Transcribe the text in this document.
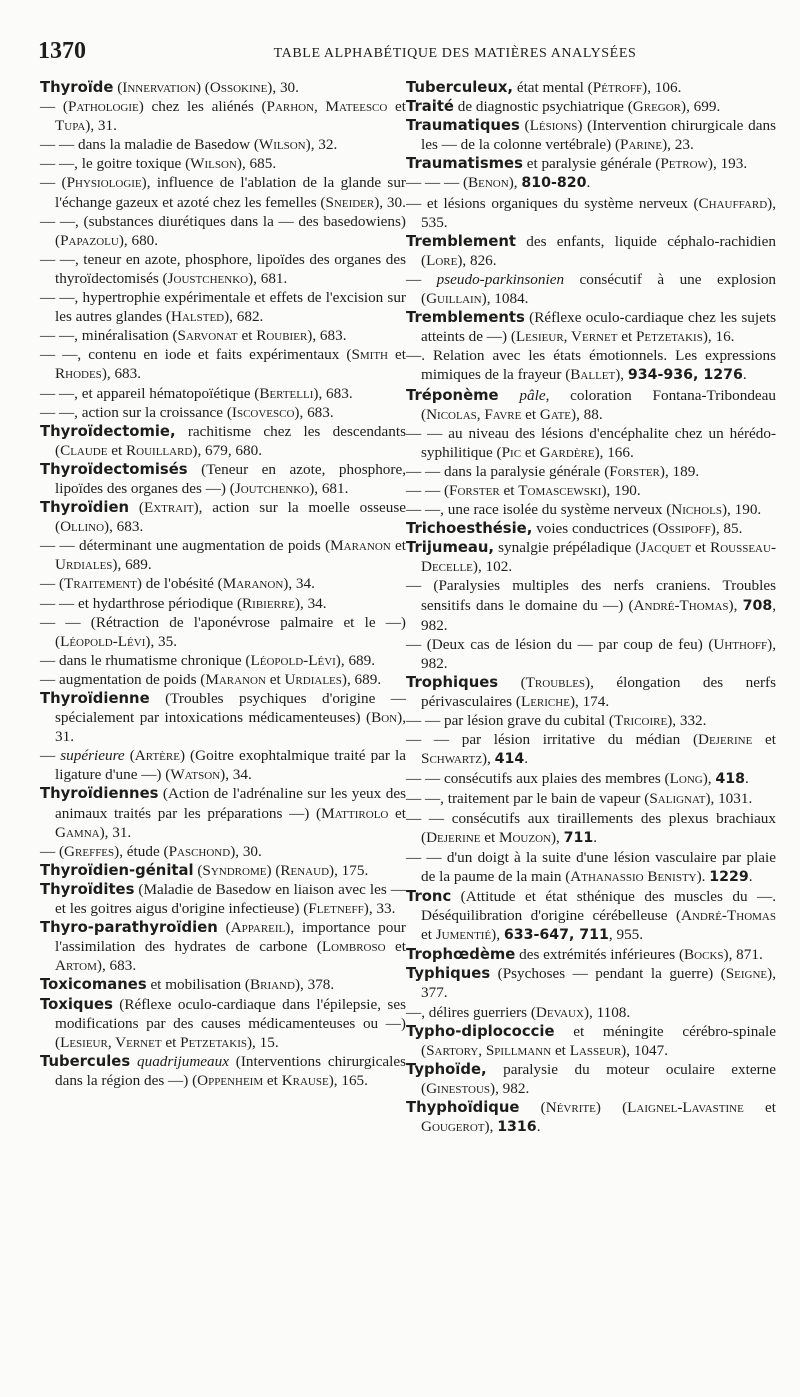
1370	TABLE ALPHABÉTIQUE DES MATIÈRES ANALYSÉES

Thyroïde (Innervation) (Ossokine), 30.

— (Pathologie) chez les aliénés (Parhon, Mateesco et Tupa), 31.

— — dans la maladie de Basedow (Wilson), 32.

— —, le goitre toxique (Wilson), 685.

— (Physiologie), influence de l'ablation de la glande sur l'échange gazeux et azoté chez les femelles (Sneider), 30.

— —, (substances diurétiques dans la — des basedowiens) (Papazolu), 680.

— —, teneur en azote, phosphore, lipoïdes des organes des thyroïdectomisés (Joustchenko), 681.

— —, hypertrophie expérimentale et effets de l'excision sur les autres glandes (Halsted), 682.

— —, minéralisation (Sarvonat et Roubier), 683.

— —, contenu en iode et faits expérimentaux (Smith et Rhodes), 683.

— —, et appareil hématopoïétique (Bertelli), 683.

— —, action sur la croissance (Iscovesco), 683.

Thyroïdectomie, rachitisme chez les descendants (Claude et Rouillard), 679, 680.

Thyroïdectomisés (Teneur en azote, phosphore, lipoïdes des organes des —) (Joutchenko), 681.

Thyroïdien (Extrait), action sur la moelle osseuse (Ollino), 683.

— — déterminant une augmentation de poids (Maranon et Urdiales), 689.

— (Traitement) de l'obésité (Maranon), 34.

— — et hydarthrose périodique (Ribierre), 34.

— — (Rétraction de l'aponévrose palmaire et le —) (Léopold-Lévi), 35.

— dans le rhumatisme chronique (Léopold-Lévi), 689.

— augmentation de poids (Maranon et Urdiales), 689.

Thyroïdienne (Troubles psychiques d'origine — spécialement par intoxications médicamenteuses) (Bon), 31.

— supérieure (Artère) (Goitre exophtalmique traité par la ligature d'une —) (Watson), 34.

Thyroïdiennes (Action de l'adrénaline sur les yeux des animaux traités par les préparations —) (Mattirolo et Gamna), 31.

— (Greffes), étude (Paschond), 30.

Thyroïdien-génital (Syndrome) (Renaud), 175.

Thyroïdites (Maladie de Basedow en liaison avec les — et les goitres aigus d'origine infectieuse) (Fletneff), 33.

Thyro-parathyroïdien (Appareil), importance pour l'assimilation des hydrates de carbone (Lombroso et Artom), 683.

Toxicomanes et mobilisation (Briand), 378.

Toxiques (Réflexe oculo-cardiaque dans l'épilepsie, ses modifications par des causes médicamenteuses ou —) (Lesieur, Vernet et Petzetakis), 15.

Tubercules quadrijumeaux (Interventions chirurgicales dans la région des —) (Oppenheim et Krause), 165.

Tuberculeux, état mental (Pétroff), 106.

Traité de diagnostic psychiatrique (Gregor), 699.

Traumatiques (Lésions) (Intervention chirurgicale dans les — de la colonne vertébrale) (Parine), 23.

Traumatismes et paralysie générale (Petrow), 193.

— — — (Benon), 810-820.

— et lésions organiques du système nerveux (Chauffard), 535.

Tremblement des enfants, liquide céphalo-rachidien (Lore), 826.

— pseudo-parkinsonien consécutif à une explosion (Guillain), 1084.

Tremblements (Réflexe oculo-cardiaque chez les sujets atteints de —) (Lesieur, Vernet et Petzetakis), 16.

—. Relation avec les états émotionnels. Les expressions mimiques de la frayeur (Ballet), 934-936, 1276.

Tréponème pâle, coloration Fontana-Tribondeau (Nicolas, Favre et Gate), 88.

— — au niveau des lésions d'encéphalite chez un hérédo-syphilitique (Pic et Gardère), 166.

— — dans la paralysie générale (Forster), 189.

— — (Forster et Tomascewski), 190.

— —, une race isolée du système nerveux (Nichols), 190.

Trichoesthésie, voies conductrices (Ossipoff), 85.

Trijumeau, synalgie prépéladique (Jacquet et Rousseau-Decelle), 102.

— (Paralysies multiples des nerfs craniens. Troubles sensitifs dans le domaine du —) (André-Thomas), 708, 982.

— (Deux cas de lésion du — par coup de feu) (Uhthoff), 982.

Trophiques (Troubles), élongation des nerfs périvasculaires (Leriche), 174.

— — par lésion grave du cubital (Tricoire), 332.

— — par lésion irritative du médian (Dejerine et Schwartz), 414.

— — consécutifs aux plaies des membres (Long), 418.

— —, traitement par le bain de vapeur (Salignat), 1031.

— — consécutifs aux tiraillements des plexus brachiaux (Dejerine et Mouzon), 711.

— — d'un doigt à la suite d'une lésion vasculaire par plaie de la paume de la main (Athanassio Benisty). 1229.

Tronc (Attitude et état sthénique des muscles du —. Déséquilibration d'origine cérébelleuse (André-Thomas et Jumentié), 633-647, 711, 955.

Trophœdème des extrémités inférieures (Bocks), 871.

Typhiques (Psychoses — pendant la guerre) (Seigne), 377.

—, délires guerriers (Devaux), 1108.

Typho-diplococcie et méningite cérébro-spinale (Sartory, Spillmann et Lasseur), 1047.

Typhoïde, paralysie du moteur oculaire externe (Ginestous), 982.

Thyphoïdique (Névrite) (Laignel-Lavastine et Gougerot), 1316.
